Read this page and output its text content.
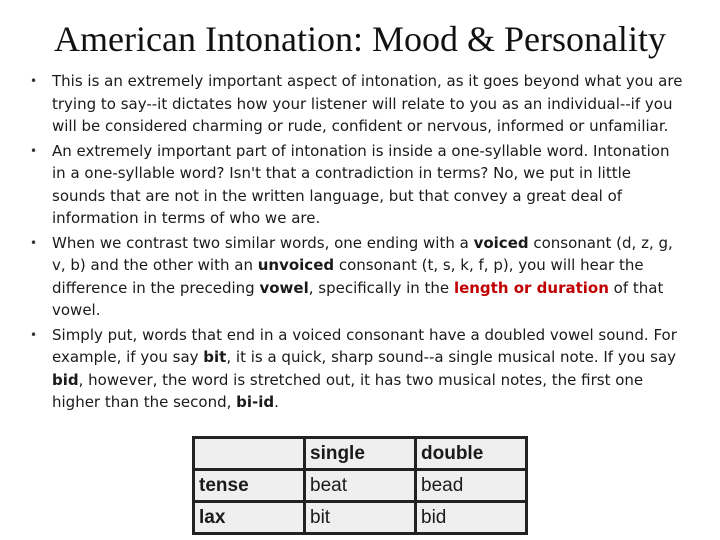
American Intonation: Mood & Personality
• This is an extremely important aspect of intonation, as it goes beyond what you are trying to say--it dictates how your listener will relate to you as an individual--if you will be considered charming or rude, confident or nervous, informed or unfamiliar.
• An extremely important part of intonation is inside a one-syllable word. Intonation in a one-syllable word? Isn't that a contradiction in terms? No, we put in little sounds that are not in the written language, but that convey a great deal of information in terms of who we are.
• When we contrast two similar words, one ending with a voiced consonant (d, z, g, v, b) and the other with an unvoiced consonant (t, s, k, f, p), you will hear the difference in the preceding vowel, specifically in the length or duration of that vowel.
• Simply put, words that end in a voiced consonant have a doubled vowel sound. For example, if you say bit, it is a quick, sharp sound--a single musical note. If you say bid, however, the word is stretched out, it has two musical notes, the first one higher than the second, bi-id.
	single	double
tense	beat	bead
lax	bit	bid
